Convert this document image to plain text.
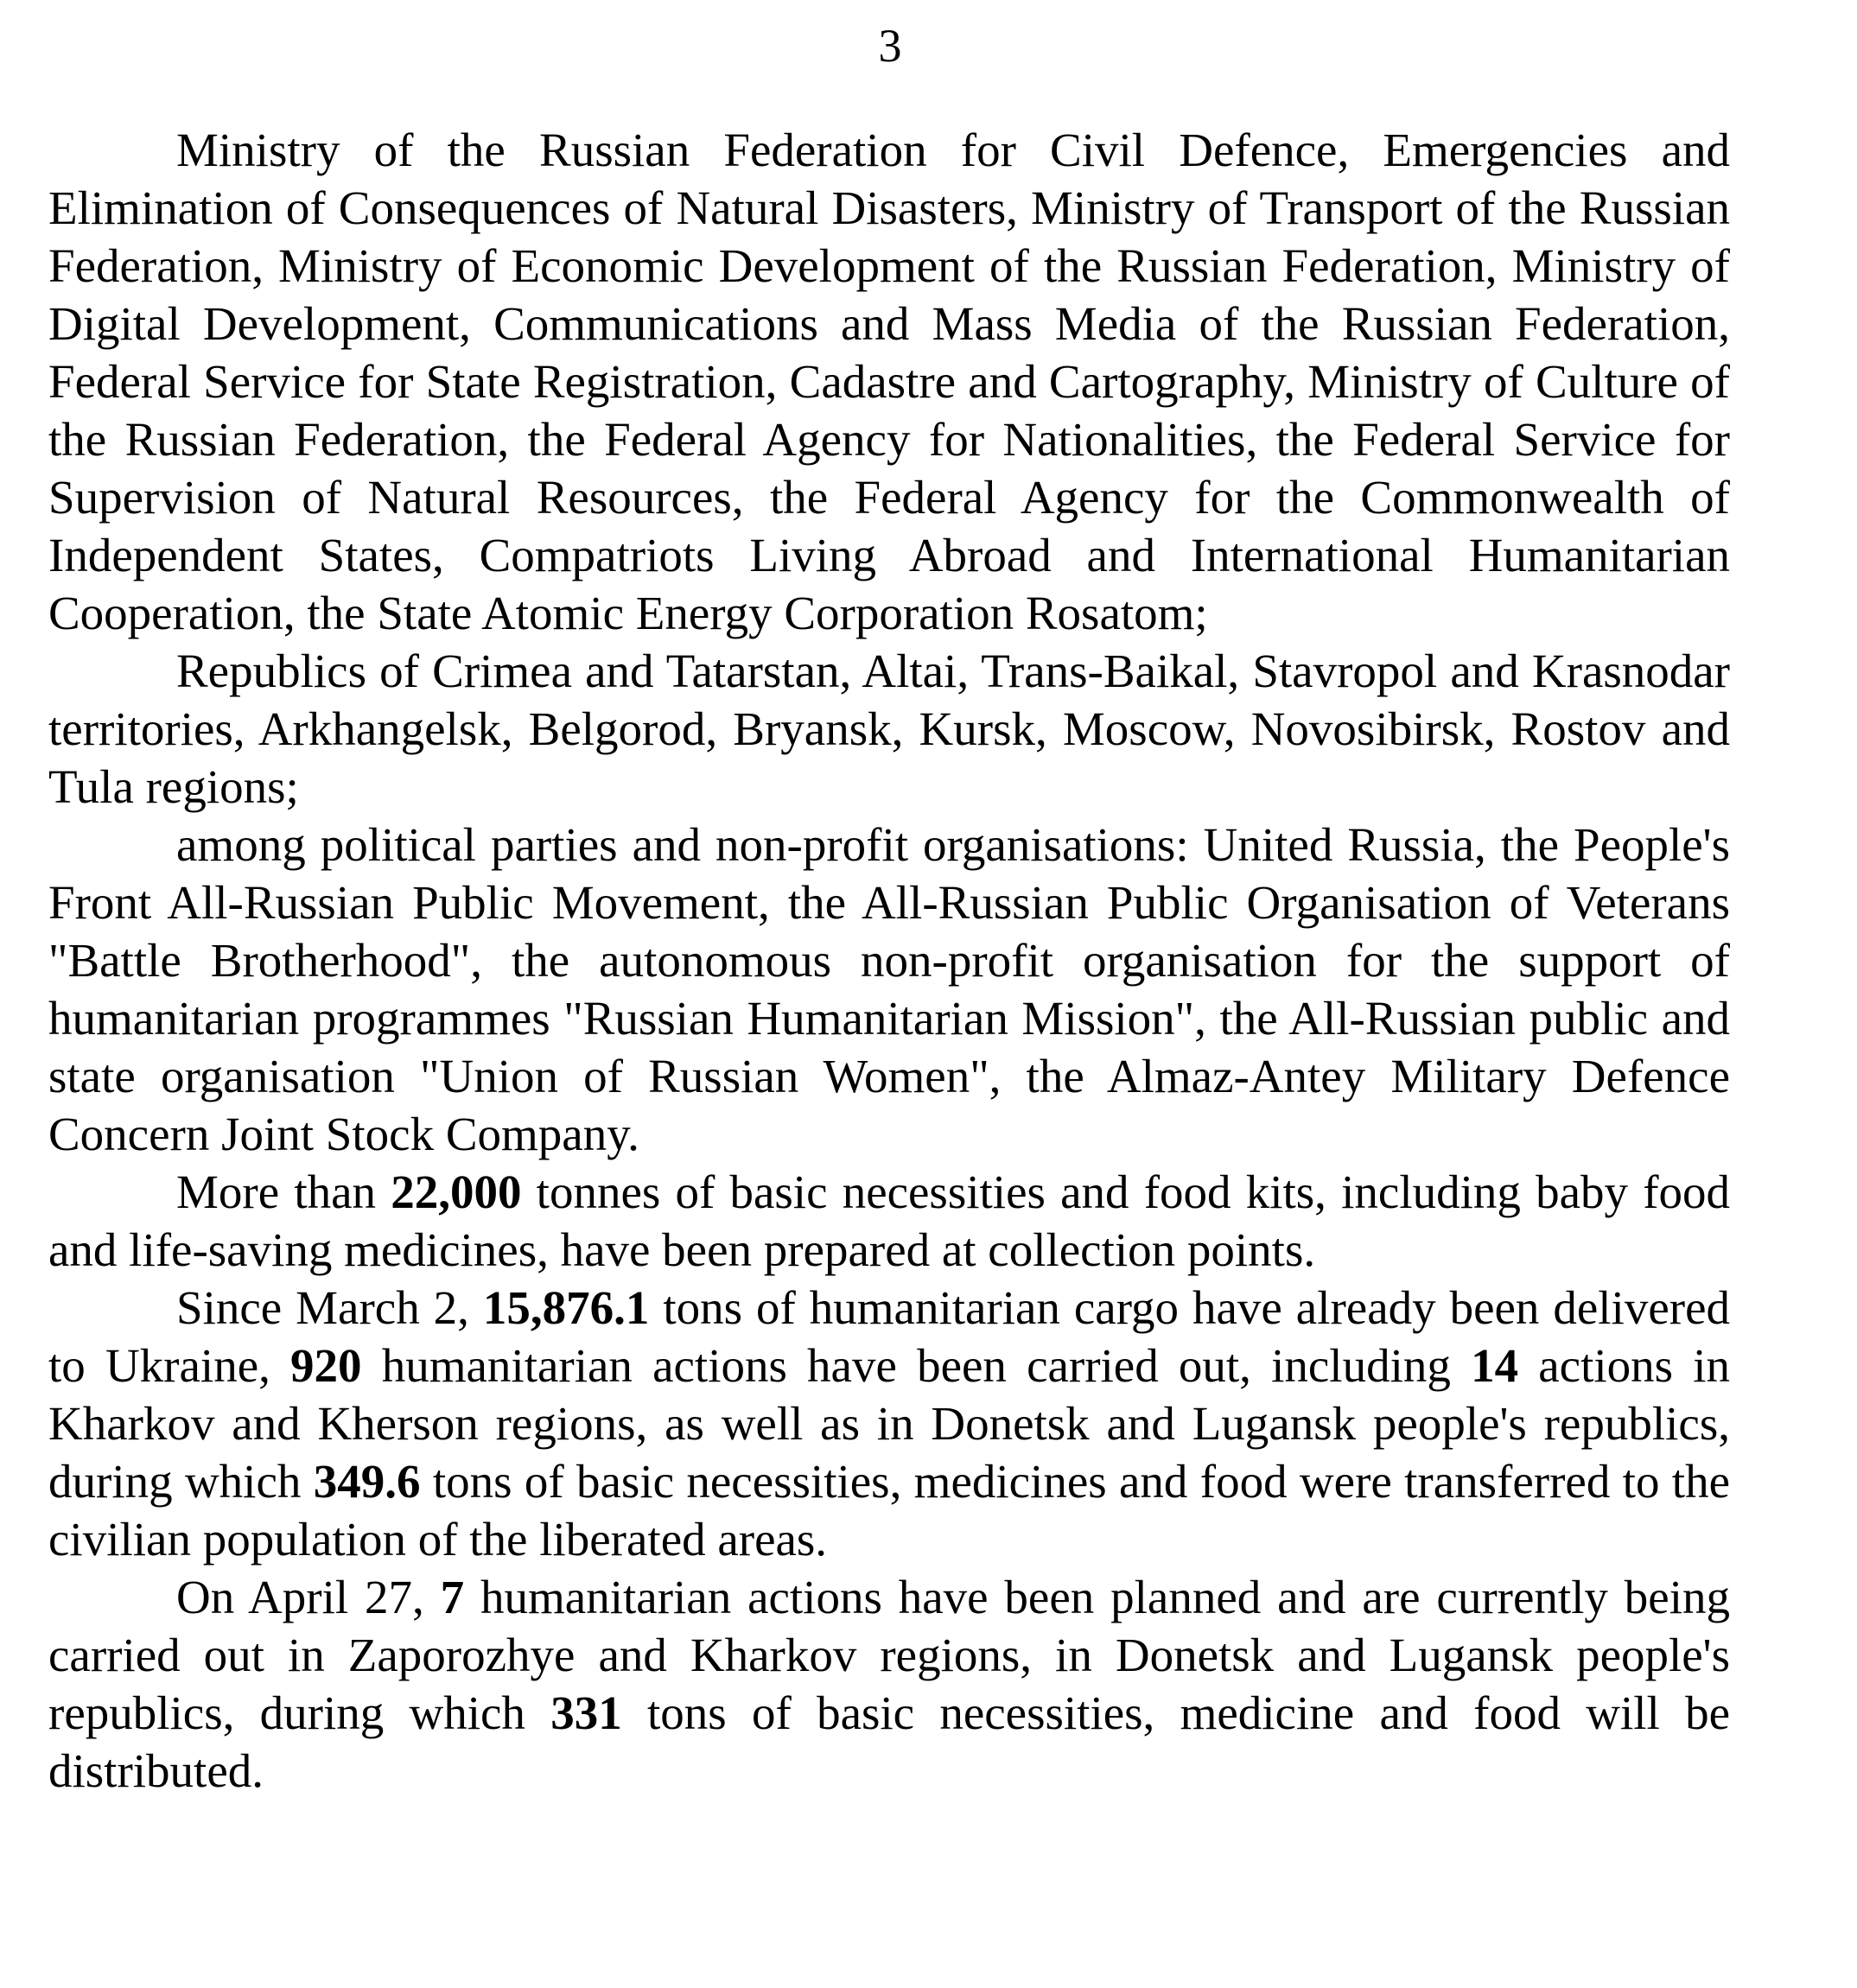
3

Ministry of the Russian Federation for Civil Defence, Emergencies and Elimination of Consequences of Natural Disasters, Ministry of Transport of the Russian Federation, Ministry of Economic Development of the Russian Federation, Ministry of Digital Development, Communications and Mass Media of the Russian Federation, Federal Service for State Registration, Cadastre and Cartography, Ministry of Culture of the Russian Federation, the Federal Agency for Nationalities, the Federal Service for Supervision of Natural Resources, the Federal Agency for the Commonwealth of Independent States, Compatriots Living Abroad and International Humanitarian Cooperation, the State Atomic Energy Corporation Rosatom;

Republics of Crimea and Tatarstan, Altai, Trans-Baikal, Stavropol and Krasnodar territories, Arkhangelsk, Belgorod, Bryansk, Kursk, Moscow, Novosibirsk, Rostov and Tula regions;

among political parties and non-profit organisations: United Russia, the People's Front All-Russian Public Movement, the All-Russian Public Organisation of Veterans "Battle Brotherhood", the autonomous non-profit organisation for the support of humanitarian programmes "Russian Humanitarian Mission", the All-Russian public and state organisation "Union of Russian Women", the Almaz-Antey Military Defence Concern Joint Stock Company.

More than 22,000 tonnes of basic necessities and food kits, including baby food and life-saving medicines, have been prepared at collection points.

Since March 2, 15,876.1 tons of humanitarian cargo have already been delivered to Ukraine, 920 humanitarian actions have been carried out, including 14 actions in Kharkov and Kherson regions, as well as in Donetsk and Lugansk people's republics, during which 349.6 tons of basic necessities, medicines and food were transferred to the civilian population of the liberated areas.

On April 27, 7 humanitarian actions have been planned and are currently being carried out in Zaporozhye and Kharkov regions, in Donetsk and Lugansk people's republics, during which 331 tons of basic necessities, medicine and food will be distributed.
